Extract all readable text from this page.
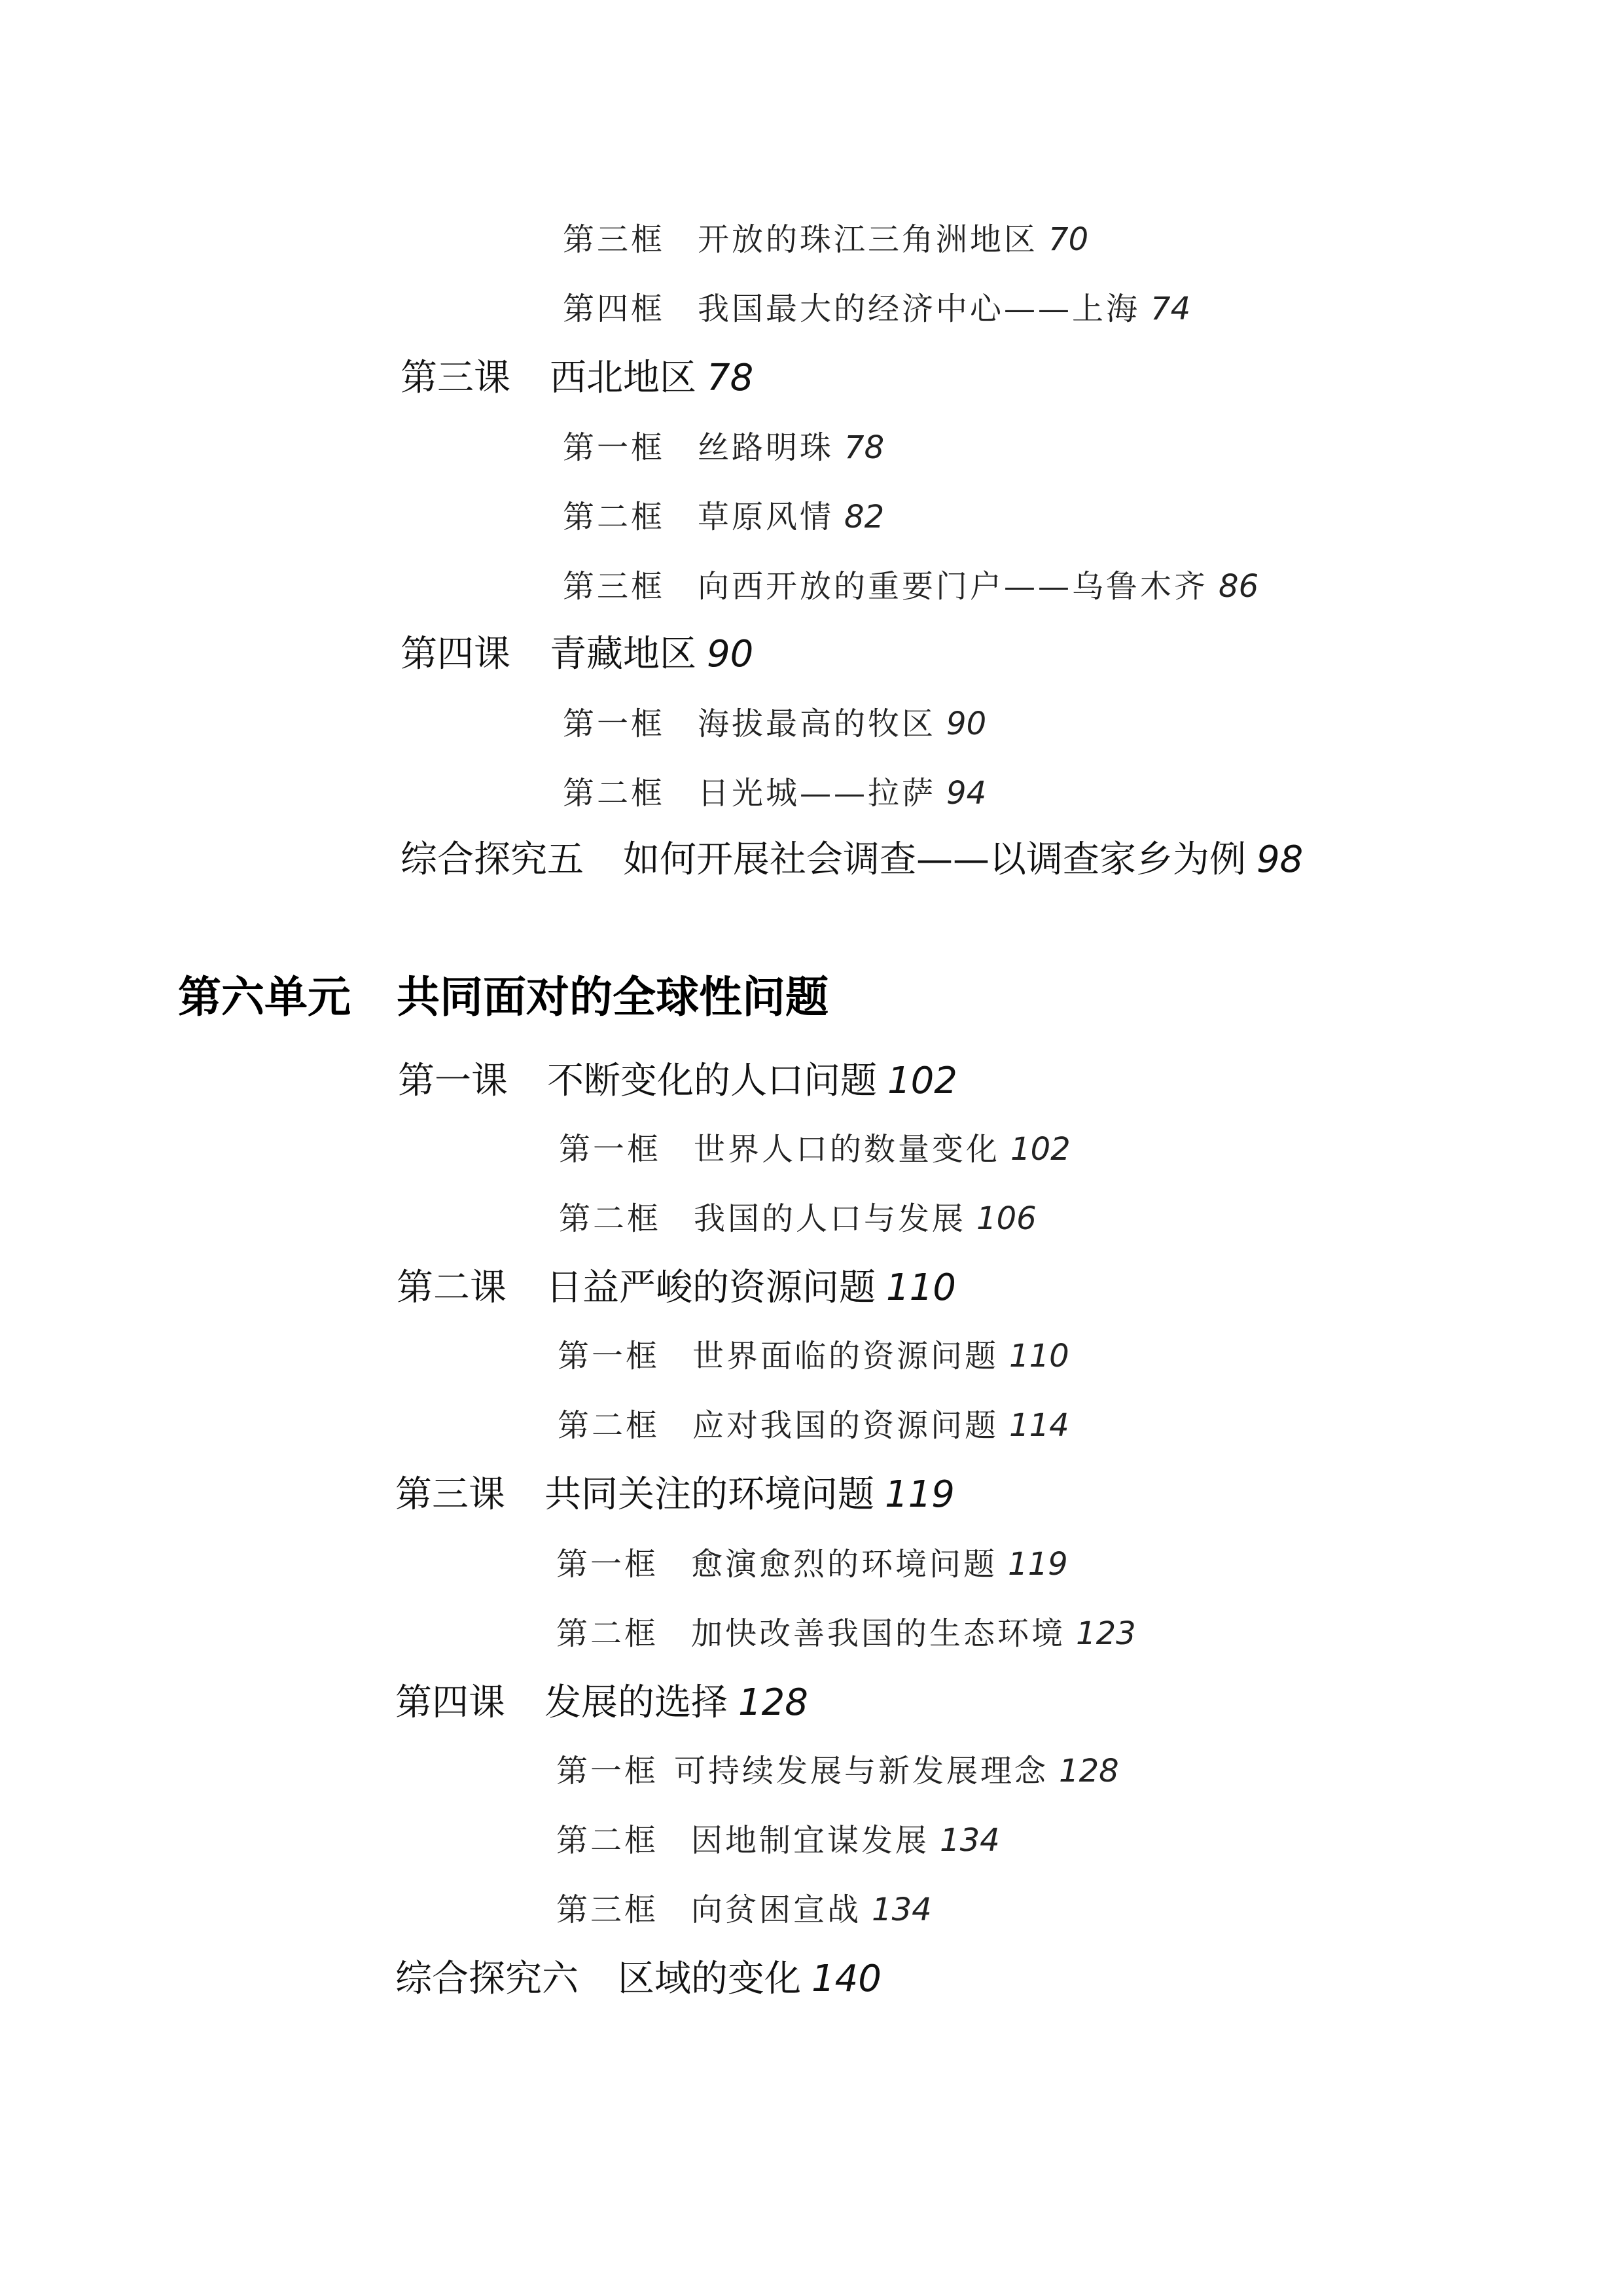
第三框 开放的珠江三角洲地区 70
第四框 我国最大的经济中心——上海 74
第三课 西北地区 78
第一框 丝路明珠 78
第二框 草原风情 82
第三框 向西开放的重要门户——乌鲁木齐 86
第四课 青藏地区 90
第一框 海拔最高的牧区 90
第二框 日光城——拉萨 94
综合探究五 如何开展社会调查——以调查家乡为例 98
第六单元 共同面对的全球性问题
第一课 不断变化的人口问题 102
第一框 世界人口的数量变化 102
第二框 我国的人口与发展 106
第二课 日益严峻的资源问题 110
第一框 世界面临的资源问题 110
第二框 应对我国的资源问题 114
第三课 共同关注的环境问题 119
第一框 愈演愈烈的环境问题 119
第二框 加快改善我国的生态环境 123
第四课 发展的选择 128
第一框 可持续发展与新发展理念 128
第二框 因地制宜谋发展 134
第三框 向贫困宣战 134
综合探究六 区域的变化 140
